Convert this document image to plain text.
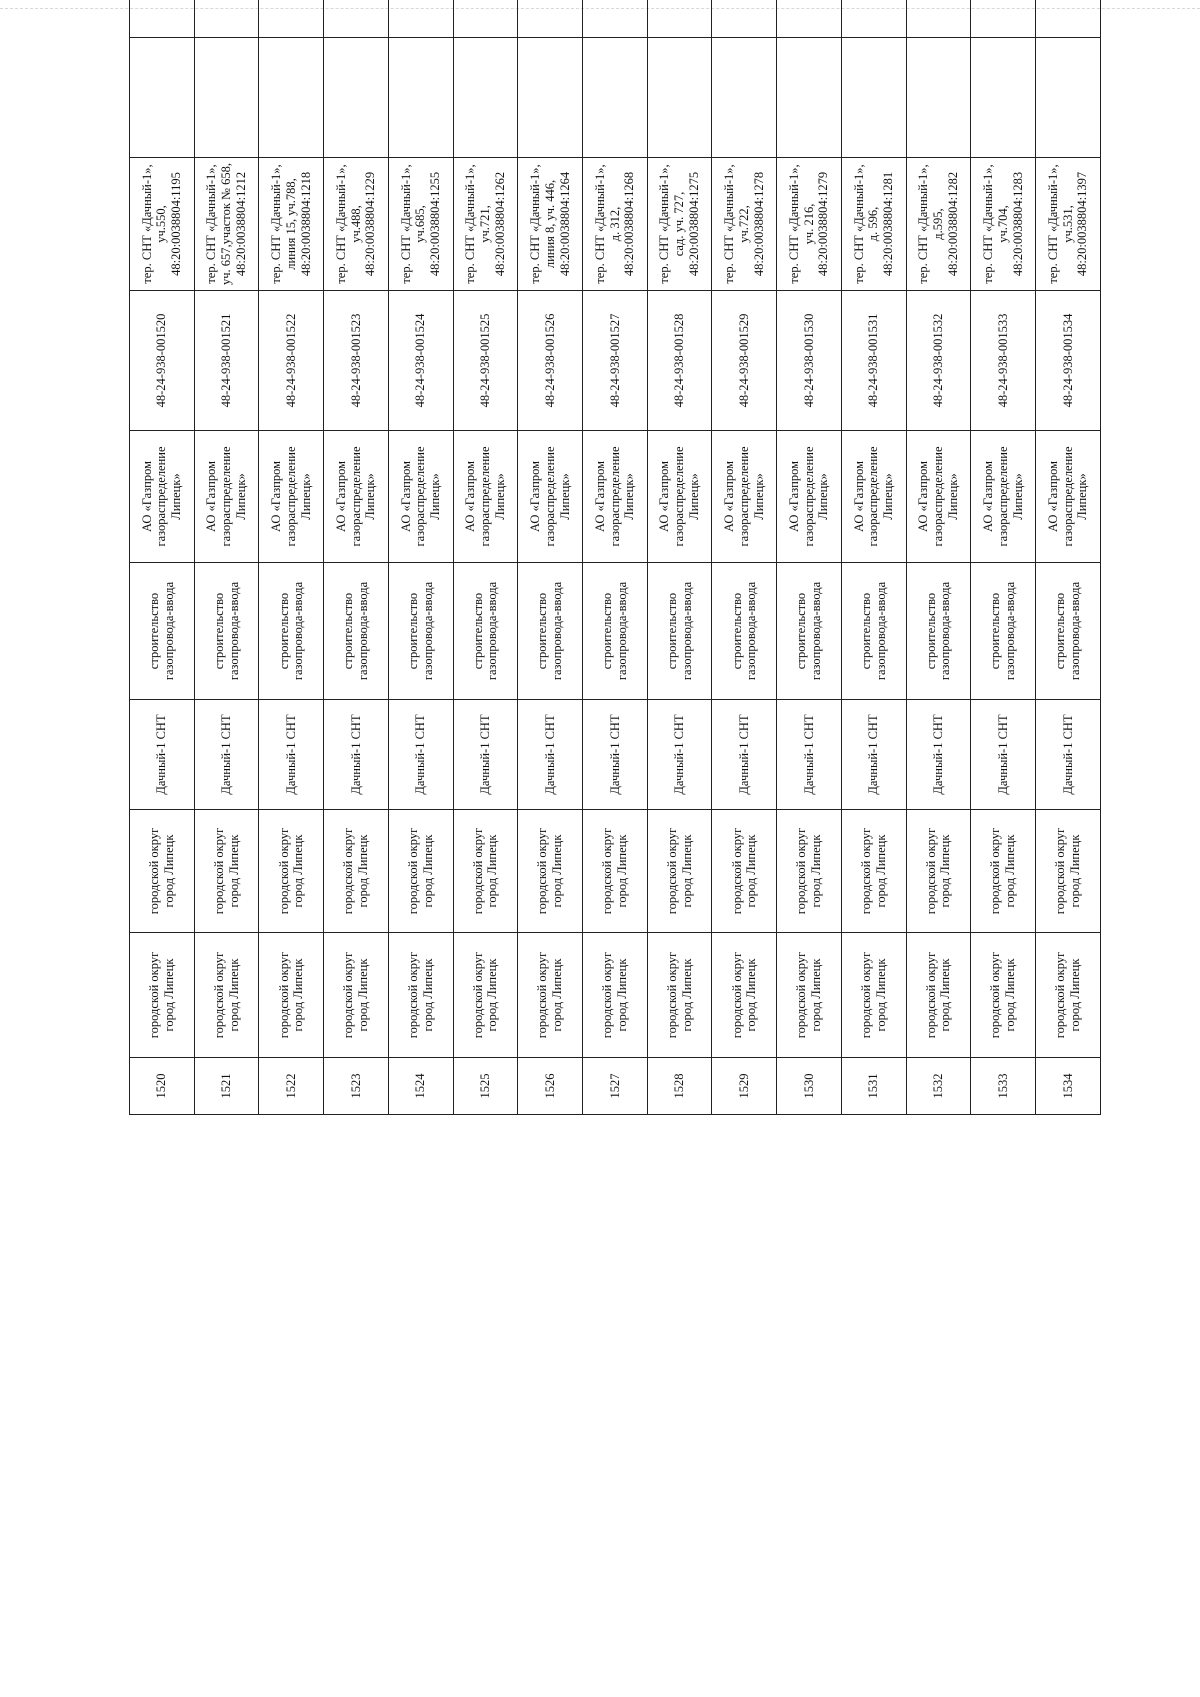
1520	городской округ город Липецк	городской округ город Липецк	Дачный-1 СНТ	строительство газопровода-ввода	АО «Газпром газораспределение Липецк»	48-24-938-001520	тер. СНТ «Дачный-1», уч.550, 48:20:0038804:1195					
1521	городской округ город Липецк	городской округ город Липецк	Дачный-1 СНТ	строительство газопровода-ввода	АО «Газпром газораспределение Липецк»	48-24-938-001521	тер. СНТ «Дачный-1», уч. 657,участок № 658, 48:20:0038804:1212					
1522	городской округ город Липецк	городской округ город Липецк	Дачный-1 СНТ	строительство газопровода-ввода	АО «Газпром газораспределение Липецк»	48-24-938-001522	тер. СНТ «Дачный-1», линия 15, уч.788, 48:20:0038804:1218					
1523	городской округ город Липецк	городской округ город Липецк	Дачный-1 СНТ	строительство газопровода-ввода	АО «Газпром газораспределение Липецк»	48-24-938-001523	тер. СНТ «Дачный-1», уч.488, 48:20:0038804:1229					
1524	городской округ город Липецк	городской округ город Липецк	Дачный-1 СНТ	строительство газопровода-ввода	АО «Газпром газораспределение Липецк»	48-24-938-001524	тер. СНТ «Дачный-1», уч.685, 48:20:0038804:1255					
1525	городской округ город Липецк	городской округ город Липецк	Дачный-1 СНТ	строительство газопровода-ввода	АО «Газпром газораспределение Липецк»	48-24-938-001525	тер. СНТ «Дачный-1», уч.721, 48:20:0038804:1262					
1526	городской округ город Липецк	городской округ город Липецк	Дачный-1 СНТ	строительство газопровода-ввода	АО «Газпром газораспределение Липецк»	48-24-938-001526	тер. СНТ «Дачный-1», линия 8, уч. 446, 48:20:0038804:1264					
1527	городской округ город Липецк	городской округ город Липецк	Дачный-1 СНТ	строительство газопровода-ввода	АО «Газпром газораспределение Липецк»	48-24-938-001527	тер. СНТ «Дачный-1», д. 312, 48:20:0038804:1268					
1528	городской округ город Липецк	городской округ город Липецк	Дачный-1 СНТ	строительство газопровода-ввода	АО «Газпром газораспределение Липецк»	48-24-938-001528	тер. СНТ «Дачный-1», сад. уч. 727, 48:20:0038804:1275					
1529	городской округ город Липецк	городской округ город Липецк	Дачный-1 СНТ	строительство газопровода-ввода	АО «Газпром газораспределение Липецк»	48-24-938-001529	тер. СНТ «Дачный-1», уч.722, 48:20:0038804:1278					
1530	городской округ город Липецк	городской округ город Липецк	Дачный-1 СНТ	строительство газопровода-ввода	АО «Газпром газораспределение Липецк»	48-24-938-001530	тер. СНТ «Дачный-1», уч. 216, 48:20:0038804:1279					
1531	городской округ город Липецк	городской округ город Липецк	Дачный-1 СНТ	строительство газопровода-ввода	АО «Газпром газораспределение Липецк»	48-24-938-001531	тер. СНТ «Дачный-1», д. 596, 48:20:0038804:1281					
1532	городской округ город Липецк	городской округ город Липецк	Дачный-1 СНТ	строительство газопровода-ввода	АО «Газпром газораспределение Липецк»	48-24-938-001532	тер. СНТ «Дачный-1», д.595, 48:20:0038804:1282					
1533	городской округ город Липецк	городской округ город Липецк	Дачный-1 СНТ	строительство газопровода-ввода	АО «Газпром газораспределение Липецк»	48-24-938-001533	тер. СНТ «Дачный-1», уч.704, 48:20:0038804:1283					
1534	городской округ город Липецк	городской округ город Липецк	Дачный-1 СНТ	строительство газопровода-ввода	АО «Газпром газораспределение Липецк»	48-24-938-001534	тер. СНТ «Дачный-1», уч.531, 48:20:0038804:1397					
